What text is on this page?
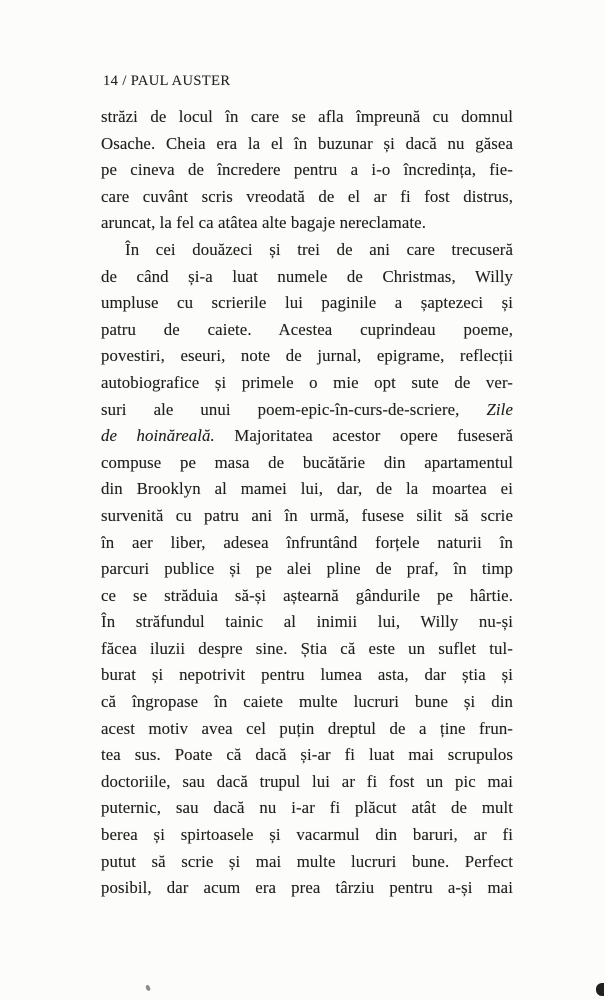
14 / PAUL AUSTER
străzi de locul în care se afla împreună cu domnul
Osache. Cheia era la el în buzunar și dacă nu găsea
pe cineva de încredere pentru a i-o încredința, fie-
care cuvânt scris vreodată de el ar fi fost distrus,
aruncat, la fel ca atâtea alte bagaje nereclamate.
În cei douăzeci și trei de ani care trecuseră
de când și-a luat numele de Christmas, Willy
umpluse cu scrierile lui paginile a șaptezeci și
patru de caiete. Acestea cuprindeau poeme,
povestiri, eseuri, note de jurnal, epigrame, reflecții
autobiografice și primele o mie opt sute de ver-
suri ale unui poem-epic-în-curs-de-scriere, Zile
de hoinăreală. Majoritatea acestor opere fuseseră
compuse pe masa de bucătărie din apartamentul
din Brooklyn al mamei lui, dar, de la moartea ei
survenită cu patru ani în urmă, fusese silit să scrie
în aer liber, adesea înfruntând forțele naturii în
parcuri publice și pe alei pline de praf, în timp
ce se străduia să-și aștearnă gândurile pe hârtie.
În străfundul tainic al inimii lui, Willy nu-și
făcea iluzii despre sine. Știa că este un suflet tul-
burat și nepotrivit pentru lumea asta, dar știa și
că îngropase în caiete multe lucruri bune și din
acest motiv avea cel puțin dreptul de a ține frun-
tea sus. Poate că dacă și-ar fi luat mai scrupulos
doctoriile, sau dacă trupul lui ar fi fost un pic mai
puternic, sau dacă nu i-ar fi plăcut atât de mult
berea și spirtoasele și vacarmul din baruri, ar fi
putut să scrie și mai multe lucruri bune. Perfect
posibil, dar acum era prea târziu pentru a-și mai
